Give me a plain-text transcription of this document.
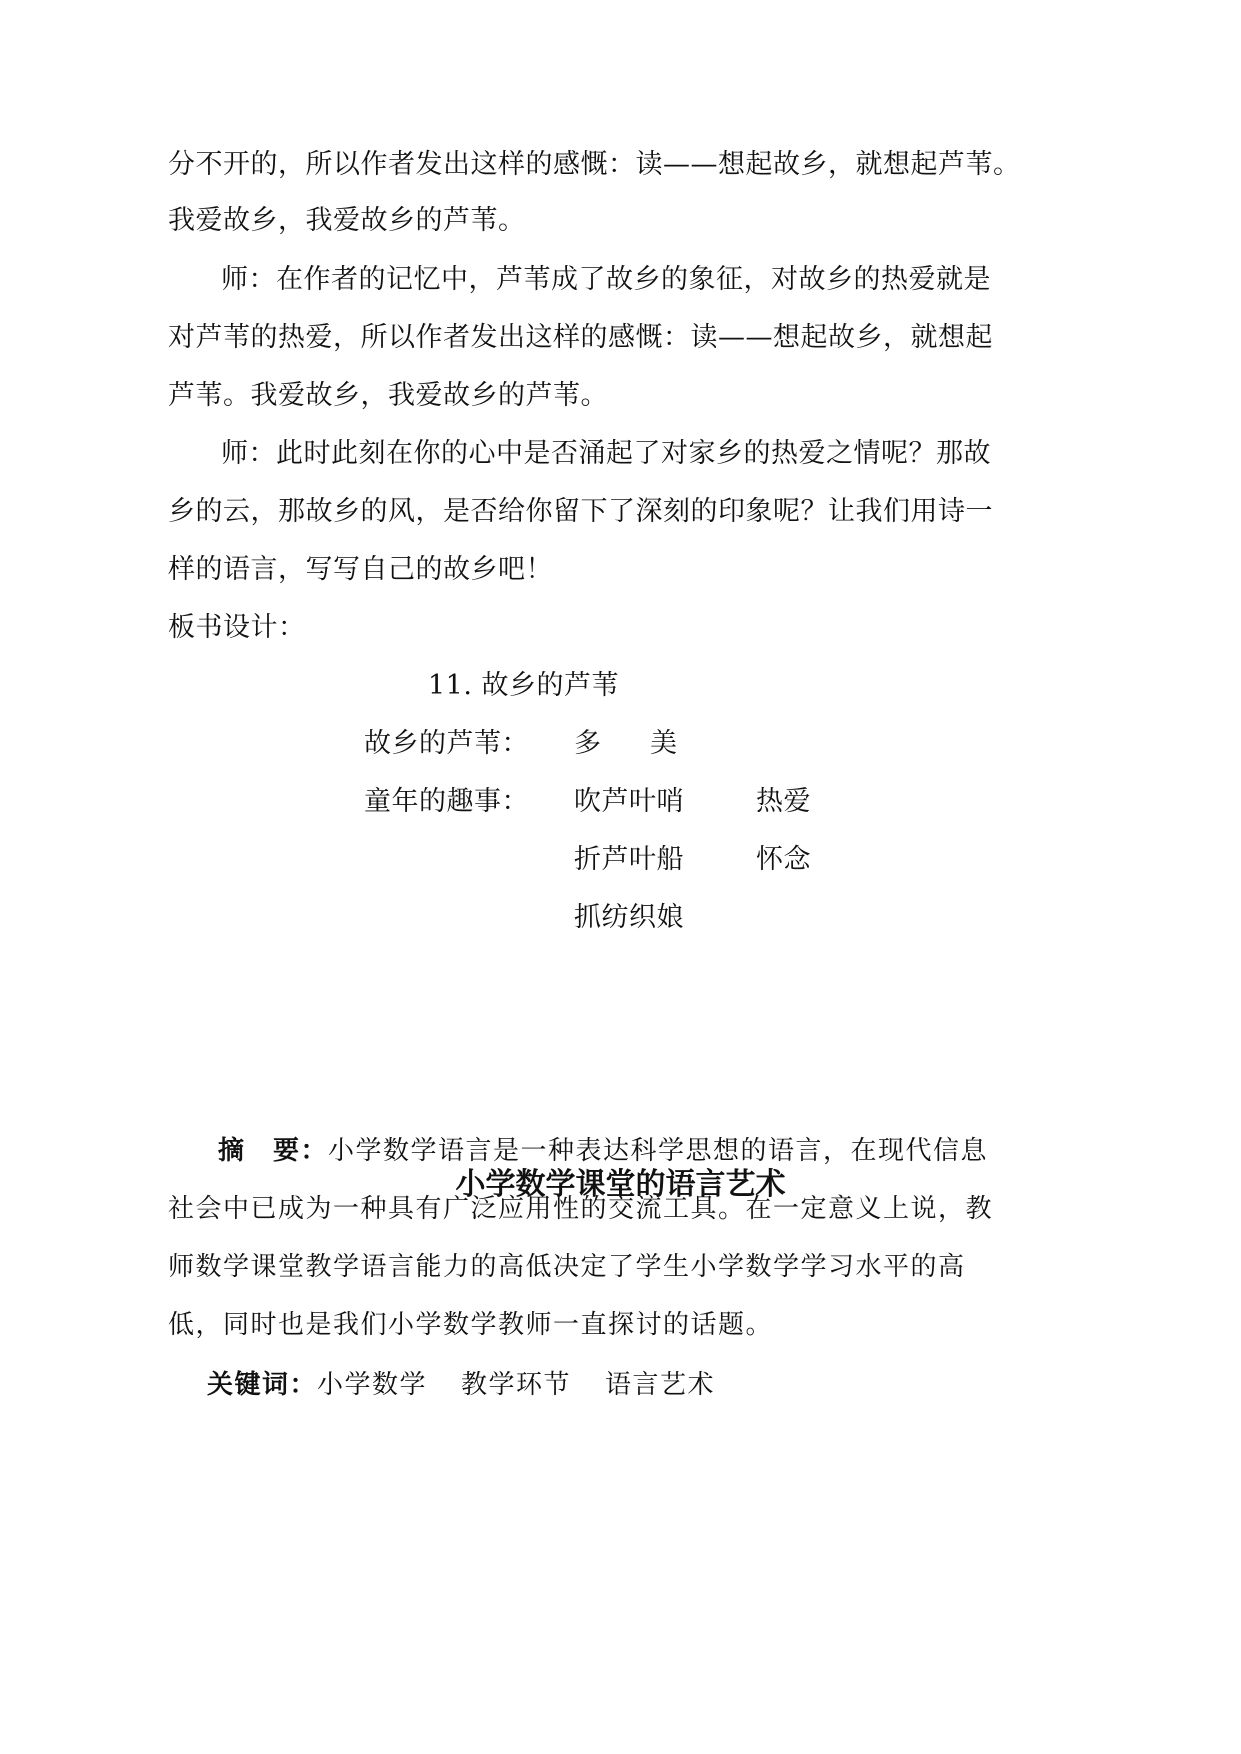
分不开的，所以作者发出这样的感慨：读——想起故乡，就想起芦苇。
我爱故乡，我爱故乡的芦苇。
师：在作者的记忆中，芦苇成了故乡的象征，对故乡的热爱就是
对芦苇的热爱，所以作者发出这样的感慨：读——想起故乡，就想起
芦苇。我爱故乡，我爱故乡的芦苇。
师：此时此刻在你的心中是否涌起了对家乡的热爱之情呢？那故
乡的云，那故乡的风，是否给你留下了深刻的印象呢？让我们用诗一
样的语言，写写自己的故乡吧！
板书设计：
11. 故乡的芦苇
故乡的芦苇： 多 美
童年的趣事： 吹芦叶哨	热爱
折芦叶船	怀念
抓纺织娘
小学数学课堂的语言艺术
摘　要：小学数学语言是一种表达科学思想的语言，在现代信息
社会中已成为一种具有广泛应用性的交流工具。在一定意义上说，教
师数学课堂教学语言能力的高低决定了学生小学数学学习水平的高
低，同时也是我们小学数学教师一直探讨的话题。
关键词：小学数学 教学环节 语言艺术
